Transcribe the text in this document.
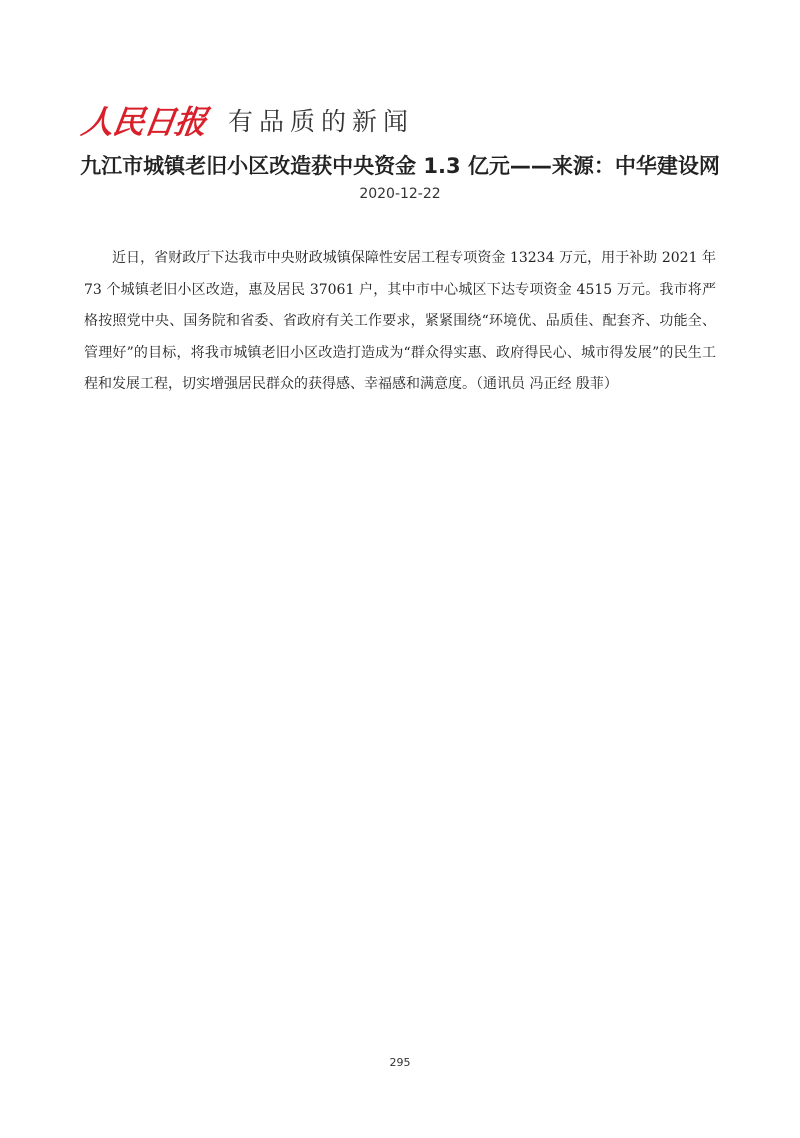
人民日报 有品质的新闻
九江市城镇老旧小区改造获中央资金 1.3 亿元——来源：中华建设网
2020-12-22

近日，省财政厅下达我市中央财政城镇保障性安居工程专项资金 13234 万元，用于补助 2021 年 73 个城镇老旧小区改造，惠及居民 37061 户，其中市中心城区下达专项资金 4515 万元。我市将严格按照党中央、国务院和省委、省政府有关工作要求，紧紧围绕“环境优、品质佳、配套齐、功能全、管理好”的目标，将我市城镇老旧小区改造打造成为“群众得实惠、政府得民心、城市得发展”的民生工程和发展工程，切实增强居民群众的获得感、幸福感和满意度。（通讯员 冯正经 殷菲）

295
